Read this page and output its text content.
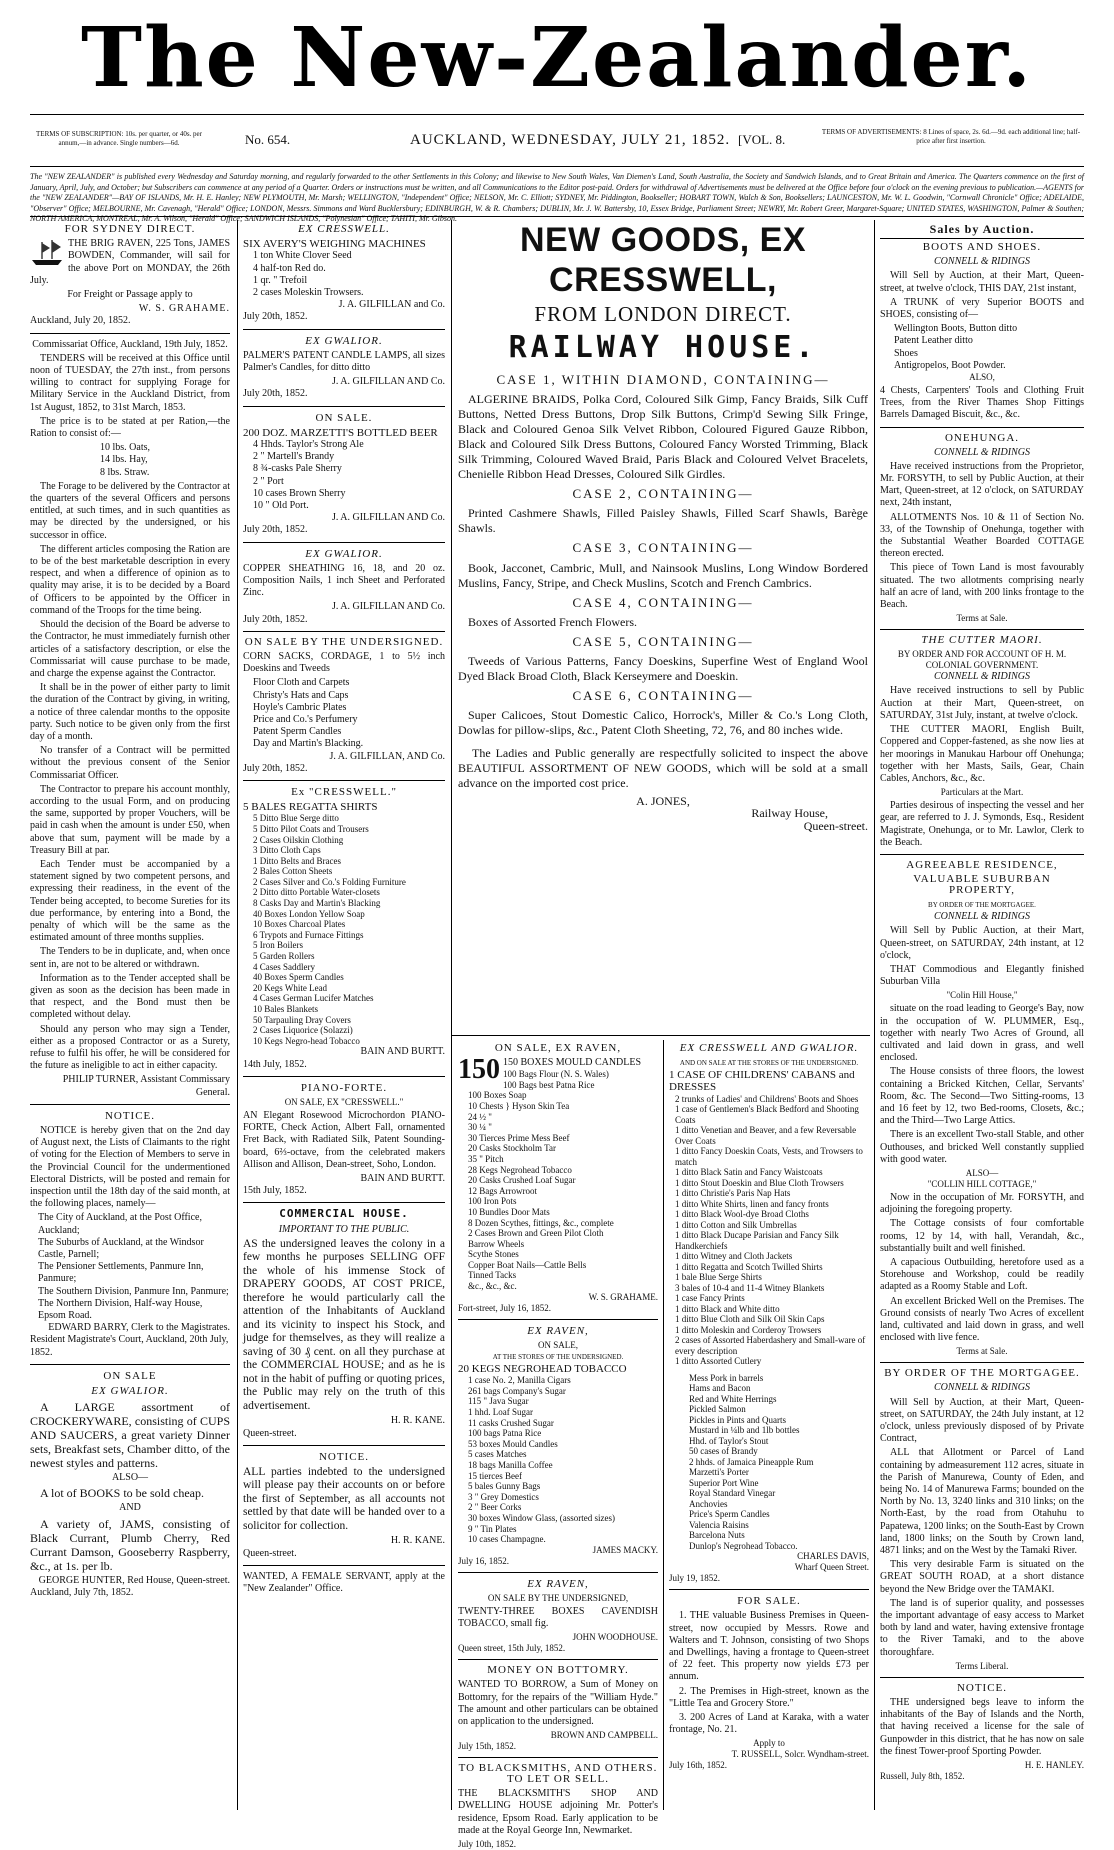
The New-Zealander.
TERMS OF SUBSCRIPTION: 10s. per quarter, or 40s. per annum,—in advance. Single numbers—6d.	No. 654.	AUCKLAND, WEDNESDAY, JULY 21, 1852. [VOL. 8.	TERMS OF ADVERTISEMENTS: 8 Lines of space, 2s. 6d.—9d. each additional line; half-price after first insertion.
The "NEW ZEALANDER" is published every Wednesday and Saturday morning, and regularly forwarded to the other Settlements in this Colony; and likewise to New South Wales, Van Diemen's Land, South Australia, the Society and Sandwich Islands, and to Great Britain and America. The Quarters commence on the first of January, April, July, and October; but Subscribers can commence at any period of a Quarter. Orders or instructions must be written, and all Communications to the Editor post-paid. Orders for withdrawal of Advertisements must be delivered at the Office before four o'clock on the evening previous to publication.—AGENTS for the "NEW ZEALANDER"—BAY OF ISLANDS, Mr. H. E. Hanley; NEW PLYMOUTH, Mr. Marsh; WELLINGTON, "Independent" Office; NELSON, Mr. C. Elliott; SYDNEY, Mr. Piddington, Bookseller; HOBART TOWN, Walch & Son, Booksellers; LAUNCESTON, Mr. W. L. Goodwin, "Cornwall Chronicle" Office; ADELAIDE, "Observer" Office; MELBOURNE, Mr. Cavenagh, "Herald" Office; LONDON, Messrs. Simmons and Ward Bucklersbury; EDINBURGH, W. & R. Chambers; DUBLIN, Mr. J. W. Battersby, 10, Essex Bridge, Parliament Street; NEWRY, Mr. Robert Greer, Margaret-Square; UNITED STATES, WASHINGTON, Palmer & Southen; NORTH AMERICA, MONTREAL, Mr. A. Wilson, "Herald" Office; SANDWICH ISLANDS, "Polynesian" Office; TAHITI, Mr. Gibson.
FOR SYDNEY DIRECT.

THE BRIG RAVEN, 225 Tons, JAMES BOWDEN, Commander, will sail for the above Port on MONDAY, the 26th July.

For Freight or Passage apply to

W. S. GRAHAME.
Auckland, July 20, 1852.
Commissariat Office, Auckland, 19th July, 1852.

TENDERS will be received at this Office until noon of TUESDAY, the 27th inst., from persons willing to contract for supplying Forage for Military Service in the Auckland District, from 1st August, 1852, to 31st March, 1853.

The price is to be stated at per Ration,—the Ration to consist of:—

10 lbs. Oats,
14 lbs. Hay,
8 lbs. Straw.

The Forage to be delivered by the Contractor at the quarters of the several Officers and persons entitled, at such times, and in such quantities as may be directed by the undersigned, or his successor in office.

The different articles composing the Ration are to be of the best marketable description in every respect, and when a difference of opinion as to quality may arise, it is to be decided by a Board of Officers to be appointed by the Officer in command of the Troops for the time being.

Should the decision of the Board be adverse to the Contractor, he must immediately furnish other articles of a satisfactory description, or else the Commissariat will cause purchase to be made, and charge the expense against the Contractor.

It shall be in the power of either party to limit the duration of the Contract by giving, in writing, a notice of three calendar months to the opposite party. Such notice to be given only from the first day of a month.

No transfer of a Contract will be permitted without the previous consent of the Senior Commissariat Officer.

The Contractor to prepare his account monthly, according to the usual Form, and on producing the same, supported by proper Vouchers, will be paid in cash when the amount is under £50, when above that sum, payment will be made by a Treasury Bill at par.

Each Tender must be accompanied by a statement signed by two competent persons, and expressing their readiness, in the event of the Tender being accepted, to become Sureties for its due performance, by entering into a Bond, the penalty of which will be the same as the estimated amount of three months supplies.

The Tenders to be in duplicate, and, when once sent in, are not to be altered or withdrawn.

Information as to the Tender accepted shall be given as soon as the decision has been made in that respect, and the Bond must then be completed without delay.

Should any person who may sign a Tender, either as a proposed Contractor or as a Surety, refuse to fulfil his offer, he will be considered for the future as ineligible to act in either capacity.

PHILIP TURNER, Assistant Commissary General.
NOTICE.

NOTICE is hereby given that on the 2nd day of August next, the Lists of Claimants to the right of voting for the Election of Members to serve in the Provincial Council for the undermentioned Electoral Districts, will be posted and remain for inspection until the 18th day of the said month, at the following places, namely—

The City of Auckland, at the Post Office, Auckland;
The Suburbs of Auckland, at the Windsor Castle, Parnell;
The Pensioner Settlements, Panmure Inn, Panmure;
The Southern Division, Panmure Inn, Panmure;
The Northern Division, Half-way House, Epsom Road.
EDWARD BARRY, Clerk to the Magistrates.
Resident Magistrate's Court, Auckland, 20th July, 1852.
ON SALE
EX GWALIOR.

A LARGE assortment of CROCKERYWARE, consisting of CUPS AND SAUCERS, a great variety Dinner sets, Breakfast sets, Chamber ditto, of the newest styles and patterns.

ALSO—

A lot of BOOKS to be sold cheap.

AND

A variety of, JAMS, consisting of Black Currant, Plumb Cherry, Red Currant Damson, Gooseberry Raspberry, &c., at 1s. per lb.

GEORGE HUNTER, Red House, Queen-street.
Auckland, July 7th, 1852.
EX CRESSWELL.
SIX AVERY'S WEIGHING MACHINES
1 ton White Clover Seed
4 half-ton Red do.
1 qr. " Trefoil
2 cases Moleskin Trowsers.
J. A. GILFILLAN and Co.
July 20th, 1852.
EX GWALIOR.

PALMER'S PATENT CANDLE LAMPS, all sizes Palmer's Candles, for ditto ditto

J. A. GILFILLAN AND Co.
July 20th, 1852.
ON SALE.
200 DOZ. MARZETTI'S BOTTLED BEER
4 Hhds. Taylor's Strong Ale
2 " Martell's Brandy
8 ¾-casks Pale Sherry
2 " Port
10 cases Brown Sherry
10 " Old Port.
J. A. GILFILLAN AND Co.
July 20th, 1852.
EX GWALIOR.

COPPER SHEATHING 16, 18, and 20 oz. Composition Nails, 1 inch Sheet and Perforated Zinc.

J. A. GILFILLAN AND Co.
July 20th, 1852.
ON SALE BY THE UNDERSIGNED.

CORN SACKS, CORDAGE, 1 to 5½ inch Doeskins and Tweeds

Floor Cloth and Carpets
Christy's Hats and Caps
Hoyle's Cambric Plates
Price and Co.'s Perfumery
Patent Sperm Candles
Day and Martin's Blacking.
J. A. GILFILLAN, AND Co.
July 20th, 1852.
Ex "CRESSWELL."
5 BALES REGATTA SHIRTS
5 Ditto Blue Serge ditto
5 Ditto Pilot Coats and Trousers
2 Cases Oilskin Clothing
3 Ditto Cloth Caps
1 Ditto Belts and Braces
2 Bales Cotton Sheets
2 Cases Silver and Co.'s Folding Furniture
2 Ditto ditto Portable Water-closets
8 Casks Day and Martin's Blacking
40 Boxes London Yellow Soap
10 Boxes Charcoal Plates
6 Trypots and Furnace Fittings
5 Iron Boilers
5 Garden Rollers
4 Cases Saddlery
40 Boxes Sperm Candles
20 Kegs White Lead
4 Cases German Lucifer Matches
10 Bales Blankets
50 Tarpauling Dray Covers
2 Cases Liquorice (Solazzi)
10 Kegs Negro-head Tobacco
BAIN AND BURTT.
14th July, 1852.
PIANO-FORTE.
ON SALE, EX "CRESSWELL."

AN Elegant Rosewood Microchordon PIANO-FORTE, Check Action, Albert Fall, ornamented Fret Back, with Radiated Silk, Patent Sounding-board, 6⅔-octave, from the celebrated makers Allison and Allison, Dean-street, Soho, London.

BAIN AND BURTT.
15th July, 1852.
COMMERCIAL HOUSE.
IMPORTANT TO THE PUBLIC.

AS the undersigned leaves the colony in a few months he purposes SELLING OFF the whole of his immense Stock of DRAPERY GOODS, AT COST PRICE, therefore he would particularly call the attention of the Inhabitants of Auckland and its vicinity to inspect his Stock, and judge for themselves, as they will realize a saving of 30 ₰ cent. on all they purchase at the COMMERCIAL HOUSE; and as he is not in the habit of puffing or quoting prices, the Public may rely on the truth of this advertisement.

H. R. KANE.
Queen-street.
NOTICE.

ALL parties indebted to the undersigned will please pay their accounts on or before the first of September, as all accounts not settled by that date will be handed over to a solicitor for collection.

H. R. KANE.
Queen-street.

WANTED, A FEMALE SERVANT, apply at the "New Zealander" Office.

NEW GOODS, EX CRESSWELL,
FROM LONDON DIRECT.
RAILWAY HOUSE.
CASE 1, WITHIN DIAMOND, CONTAINING—

ALGERINE BRAIDS, Polka Cord, Coloured Silk Gimp, Fancy Braids, Silk Cuff Buttons, Netted Dress Buttons, Drop Silk Buttons, Crimp'd Sewing Silk Fringe, Black and Coloured Genoa Silk Velvet Ribbon, Coloured Figured Gauze Ribbon, Black and Coloured Silk Dress Buttons, Coloured Fancy Worsted Trimming, Black Silk Trimming, Coloured Waved Braid, Paris Black and Coloured Velvet Bracelets, Chenielle Ribbon Head Dresses, Coloured Silk Girdles.

CASE 2, CONTAINING—

Printed Cashmere Shawls, Filled Paisley Shawls, Filled Scarf Shawls, Barège Shawls.

CASE 3, CONTAINING—

Book, Jacconet, Cambric, Mull, and Nainsook Muslins, Long Window Bordered Muslins, Fancy, Stripe, and Check Muslins, Scotch and French Cambrics.

CASE 4, CONTAINING—

Boxes of Assorted French Flowers.

CASE 5, CONTAINING—

Tweeds of Various Patterns, Fancy Doeskins, Superfine West of England Wool Dyed Black Broad Cloth, Black Kerseymere and Doeskin.

CASE 6, CONTAINING—

Super Calicoes, Stout Domestic Calico, Horrock's, Miller & Co.'s Long Cloth, Dowlas for pillow-slips, &c., Patent Cloth Sheeting, 72, 76, and 80 inches wide.

The Ladies and Public generally are respectfully solicited to inspect the above BEAUTIFUL ASSORTMENT OF NEW GOODS, which will be sold at a small advance on the imported cost price.

A. JONES,
Railway House,
Queen-street.
ON SALE, EX RAVEN,
150 150 BOXES MOULD CANDLES
100 Bags Flour (N. S. Wales)
100 Bags best Patna Rice
100 Boxes Soap
10 Chests } Hyson Skin Tea
24 ½ "
30 ¼ "
30 Tierces Prime Mess Beef
20 Casks Stockholm Tar
35 " Pitch
28 Kegs Negrohead Tobacco
20 Casks Crushed Loaf Sugar
12 Bags Arrowroot
100 Iron Pots
10 Bundles Door Mats
8 Dozen Scythes, fittings, &c., complete
2 Cases Brown and Green Pilot Cloth
Barrow Wheels
Scythe Stones
Copper Boat Nails—Cattle Bells
Tinned Tacks
&c., &c., &c.
W. S. GRAHAME.
Fort-street, July 16, 1852.
EX RAVEN,
ON SALE,
AT THE STORES OF THE UNDERSIGNED.
20 KEGS NEGROHEAD TOBACCO
1 case No. 2, Manilla Cigars
261 bags Company's Sugar
115 " Java Sugar
1 hhd. Loaf Sugar
11 casks Crushed Sugar
100 bags Patna Rice
53 boxes Mould Candles
5 cases Matches
18 bags Manilla Coffee
15 tierces Beef
5 bales Gunny Bags
3 " Grey Domestics
2 " Beer Corks
30 boxes Window Glass, (assorted sizes)
9 " Tin Plates
10 cases Champagne.
JAMES MACKY.
July 16, 1852.
EX RAVEN,
ON SALE BY THE UNDERSIGNED,

TWENTY-THREE BOXES CAVENDISH TOBACCO, small fig.

JOHN WOODHOUSE.
Queen street, 15th July, 1852.
MONEY ON BOTTOMRY.

WANTED TO BORROW, a Sum of Money on Bottomry, for the repairs of the "William Hyde." The amount and other particulars can be obtained on application to the undersigned.

BROWN AND CAMPBELL.
July 15th, 1852.
TO BLACKSMITHS, AND OTHERS. TO LET OR SELL.

THE BLACKSMITH'S SHOP AND DWELLING HOUSE adjoining Mr. Potter's residence, Epsom Road. Early application to be made at the Royal George Inn, Newmarket.

July 10th, 1852.
EX CRESSWELL AND GWALIOR.
AND ON SALE AT THE STORES OF THE UNDERSIGNED.
1 CASE OF CHILDRENS' CABANS and DRESSES
2 trunks of Ladies' and Childrens' Boots and Shoes
1 case of Gentlemen's Black Bedford and Shooting Coats
1 ditto Venetian and Beaver, and a few Reversable Over Coats
1 ditto Fancy Doeskin Coats, Vests, and Trowsers to match
1 ditto Black Satin and Fancy Waistcoats
1 ditto Stout Doeskin and Blue Cloth Trowsers
1 ditto Christie's Paris Nap Hats
1 ditto White Shirts, linen and fancy fronts
1 ditto Black Wool-dye Broad Cloths
1 ditto Cotton and Silk Umbrellas
1 ditto Black Ducape Parisian and Fancy Silk Handkerchiefs
1 ditto Witney and Cloth Jackets
1 ditto Regatta and Scotch Twilled Shirts
1 bale Blue Serge Shirts
3 bales of 10-4 and 11-4 Witney Blankets
1 case Fancy Prints
1 ditto Black and White ditto
1 ditto Blue Cloth and Silk Oil Skin Caps
1 ditto Moleskin and Corderoy Trowsers
2 cases of Assorted Haberdashery and Small-ware of every description
1 ditto Assorted Cutlery
Mess Pork in barrels
Hams and Bacon
Red and White Herrings
Pickled Salmon
Pickles in Pints and Quarts
Mustard in ¼lb and 1lb bottles
Hhd. of Taylor's Stout
50 cases of Brandy
2 hhds. of Jamaica Pineapple Rum
Marzetti's Porter
Superior Port Wine
Royal Standard Vinegar
Anchovies
Price's Sperm Candles
Valencia Raisins
Barcelona Nuts
Dunlop's Negrohead Tobacco.
CHARLES DAVIS,
Wharf Queen Street.
July 19, 1852.
FOR SALE.

1. THE valuable Business Premises in Queen-street, now occupied by Messrs. Rowe and Walters and T. Johnson, consisting of two Shops and Dwellings, having a frontage to Queen-street of 22 feet. This property now yields £73 per annum.

2. The Premises in High-street, known as the "Little Tea and Grocery Store."

3. 200 Acres of Land at Karaka, with a water frontage, No. 21.

Apply to
T. RUSSELL, Solcr. Wyndham-street.
July 16th, 1852.
Sales by Auction.
BOOTS AND SHOES.
CONNELL & RIDINGS

Will Sell by Auction, at their Mart, Queen-street, at twelve o'clock, THIS DAY, 21st instant,

A TRUNK of very Superior BOOTS and SHOES, consisting of—

Wellington Boots, Button ditto
Patent Leather ditto
Shoes
Antigropelos, Boot Powder.
ALSO,

4 Chests, Carpenters' Tools and Clothing Fruit Trees, from the River Thames Shop Fittings Barrels Damaged Biscuit, &c., &c.

ONEHUNGA.
CONNELL & RIDINGS

Have received instructions from the Proprietor, Mr. FORSYTH, to sell by Public Auction, at their Mart, Queen-street, at 12 o'clock, on SATURDAY next, 24th instant,

ALLOTMENTS Nos. 10 & 11 of Section No. 33, of the Township of Onehunga, together with the Substantial Weather Boarded COTTAGE thereon erected.

This piece of Town Land is most favourably situated. The two allotments comprising nearly half an acre of land, with 200 links frontage to the Beach.

Terms at Sale.
THE CUTTER MAORI.
BY ORDER AND FOR ACCOUNT OF H. M. COLONIAL GOVERNMENT.
CONNELL & RIDINGS

Have received instructions to sell by Public Auction at their Mart, Queen-street, on SATURDAY, 31st July, instant, at twelve o'clock.

THE CUTTER MAORI, English Built, Coppered and Copper-fastened, as she now lies at her moorings in Manukau Harbour off Onehunga; together with her Masts, Sails, Gear, Chain Cables, Anchors, &c., &c.

Particulars at the Mart.

Parties desirous of inspecting the vessel and her gear, are referred to J. J. Symonds, Esq., Resident Magistrate, Onehunga, or to Mr. Lawlor, Clerk to the Beach.

AGREEABLE RESIDENCE,
VALUABLE SUBURBAN PROPERTY,
BY ORDER OF THE MORTGAGEE.
CONNELL & RIDINGS

Will Sell by Public Auction, at their Mart, Queen-street, on SATURDAY, 24th instant, at 12 o'clock,

THAT Commodious and Elegantly finished Suburban Villa

"Colin Hill House,"

situate on the road leading to George's Bay, now in the occupation of W. PLUMMER, Esq., together with nearly Two Acres of Ground, all cultivated and laid down in grass, and well enclosed.

The House consists of three floors, the lowest containing a Bricked Kitchen, Cellar, Servants' Room, &c. The Second—Two Sitting-rooms, 13 and 16 feet by 12, two Bed-rooms, Closets, &c.; and the Third—Two Large Attics.

There is an excellent Two-stall Stable, and other Outhouses, and bricked Well constantly supplied with good water.

ALSO—
"COLLIN HILL COTTAGE,"

Now in the occupation of Mr. FORSYTH, and adjoining the foregoing property.

The Cottage consists of four comfortable rooms, 12 by 14, with hall, Verandah, &c., substantially built and well finished.

A capacious Outbuilding, heretofore used as a Storehouse and Workshop, could be readily adapted as a Roomy Stable and Loft.

An excellent Bricked Well on the Premises. The Ground consists of nearly Two Acres of excellent land, cultivated and laid down in grass, and well enclosed with live fence.

Terms at Sale.
BY ORDER OF THE MORTGAGEE.
CONNELL & RIDINGS

Will Sell by Auction, at their Mart, Queen-street, on SATURDAY, the 24th July instant, at 12 o'clock, unless previously disposed of by Private Contract,

ALL that Allotment or Parcel of Land containing by admeasurement 112 acres, situate in the Parish of Manurewa, County of Eden, and being No. 14 of Manurewa Farms; bounded on the North by No. 13, 3240 links and 310 links; on the North-East, by the road from Otahuhu to Papatewa, 1200 links; on the South-East by Crown land, 1800 links; on the South by Crown land, 4871 links; and on the West by the Tamaki River.

This very desirable Farm is situated on the GREAT SOUTH ROAD, at a short distance beyond the New Bridge over the TAMAKI.

The land is of superior quality, and possesses the important advantage of easy access to Market both by land and water, having extensive frontage to the River Tamaki, and to the above thoroughfare.

Terms Liberal.
NOTICE.

THE undersigned begs leave to inform the inhabitants of the Bay of Islands and the North, that having received a license for the sale of Gunpowder in this district, that he has now on sale the finest Tower-proof Sporting Powder.

H. E. HANLEY.
Russell, July 8th, 1852.
